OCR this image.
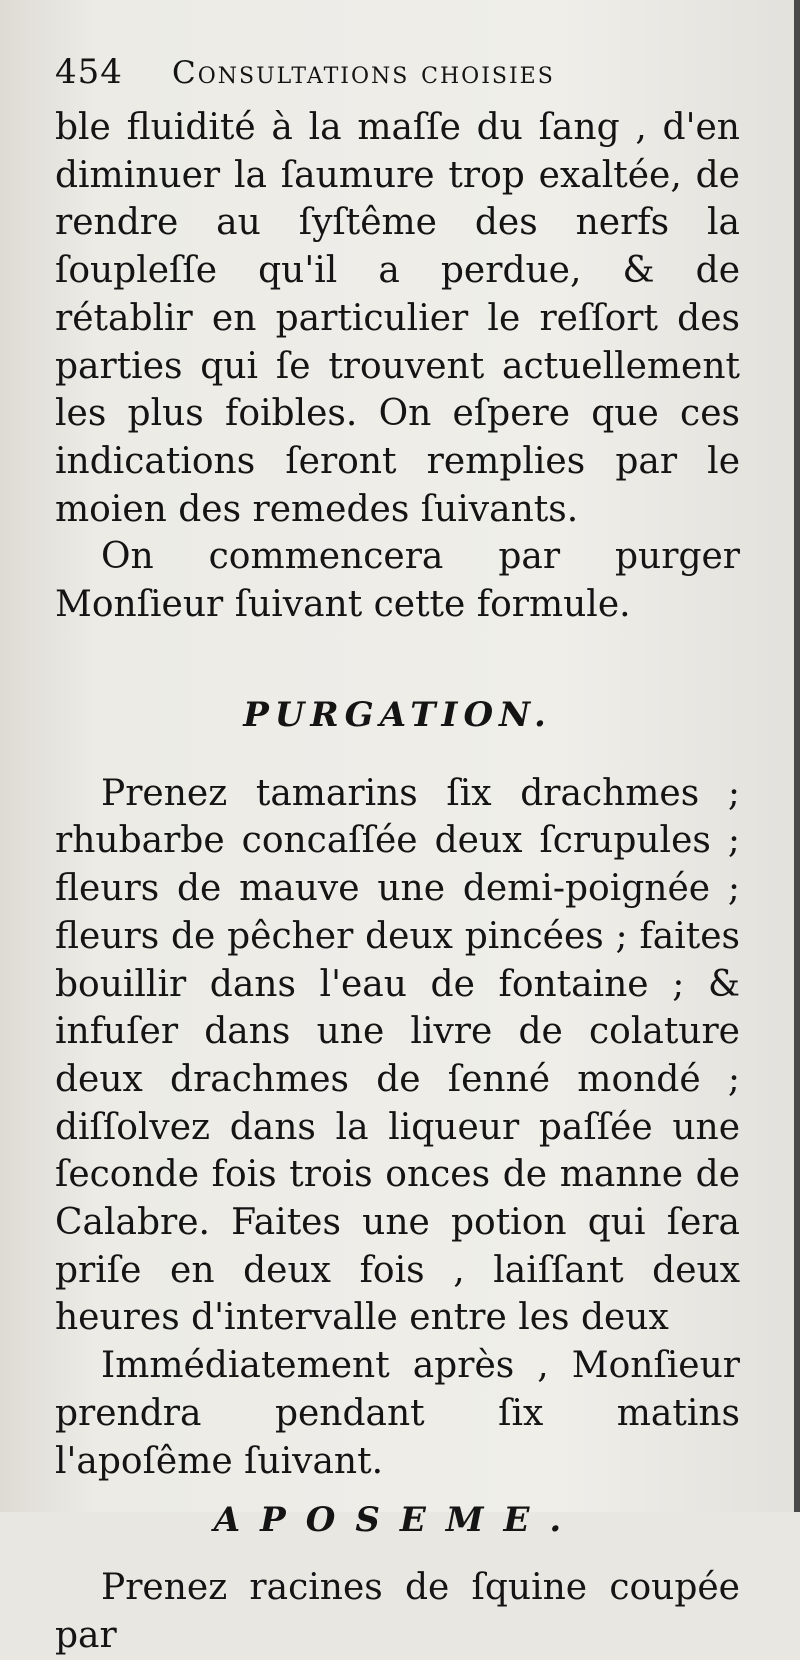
454 Consultations choisies

ble fluidité à la maſſe du ſang , d'en diminuer la ſaumure trop exaltée, de rendre au ſyſtême des nerfs la ſoupleſſe qu'il a perdue, & de rétablir en particulier le reſſort des parties qui ſe trouvent actuellement les plus foibles. On eſpere que ces indications ſeront remplies par le moien des remedes ſuivants.

On commencera par purger Monſieur ſuivant cette formule.

PURGATION.

Prenez tamarins ſix drachmes ; rhubarbe concaſſée deux ſcrupules ; fleurs de mauve une demi-poignée ; fleurs de pêcher deux pincées ; faites bouillir dans l'eau de fontaine ; & infuſer dans une livre de colature deux drachmes de ſenné mondé ; diſſolvez dans la liqueur paſſée une ſeconde fois trois onces de manne de Calabre. Faites une potion qui ſera priſe en deux fois , laiſſant deux heures d'intervalle entre les deux

Immédiatement après , Monſieur prendra pendant ſix matins l'apoſême ſuivant.

APOSEME.

Prenez racines de ſquine coupée par
